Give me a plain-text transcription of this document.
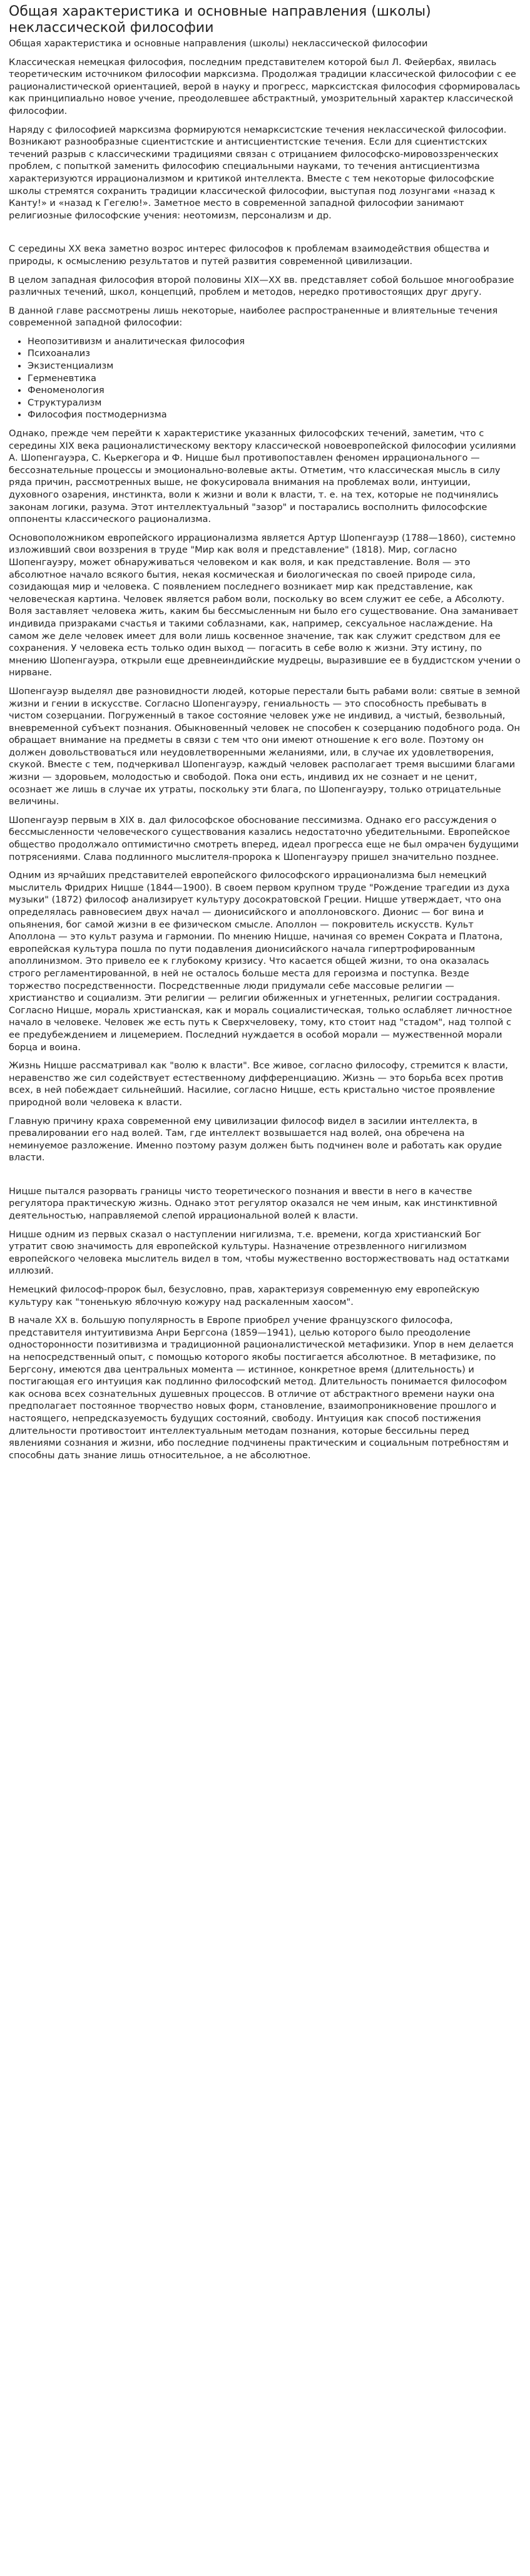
Общая характеристика и основные направления (школы) неклассической философии

Общая характеристика и основные направления (школы) неклассической философии

Классическая немецкая философия, последним представителем которой был Л. Фейербах, явилась теоретическим источником философии марксизма. Продолжая традиции классической философии с ее рационалистической ориентацией, верой в науку и прогресс, марксистская философия сформировалась как принципиально новое учение, преодолевшее абстрактный, умозрительный характер классической философии.

Наряду с философией марксизма формируются немарксистские течения неклассической философии. Возникают разнообразные сциентистские и антисциентистские течения. Если для сциентистских течений разрыв с классическими традициями связан с отрицанием философско-мировоззренческих проблем, с попыткой заменить философию специальными науками, то течения антисциентизма характеризуются иррационализмом и критикой интеллекта. Вместе с тем некоторые философские школы стремятся сохранить традиции классической философии, выступая под лозунгами «назад к Канту!» и «назад к Гегелю!». Заметное место в современной западной философии занимают религиозные философские учения: неотомизм, персонализм и др.

С середины XX века заметно возрос интерес философов к проблемам взаимодействия общества и природы, к осмыслению результатов и путей развития современной цивилизации.

В целом западная философия второй половины XIX—XX вв. представляет собой большое многообразие различных течений, школ, концепций, проблем и методов, нередко противостоящих друг другу.

В данной главе рассмотрены лишь некоторые, наиболее распространенные и влиятельные течения современной западной философии:

• Неопозитивизм и аналитическая философия
• Психоанализ
• Экзистенциализм
• Герменевтика
• Феноменология
• Структурализм
• Философия постмодернизма

Однако, прежде чем перейти к характеристике указанных философских течений, заметим, что с середины XIX века рационалистическому вектору классической новоевропейской философии усилиями А. Шопенгауэра, С. Кьеркегора и Ф. Ницше был противопоставлен феномен иррационального — бессознательные процессы и эмоционально-волевые акты. Отметим, что классическая мысль в силу ряда причин, рассмотренных выше, не фокусировала внимания на проблемах воли, интуиции, духовного озарения, инстинкта, воли к жизни и воли к власти, т. е. на тех, которые не подчинялись законам логики, разума. Этот интеллектуальный "зазор" и постарались восполнить философские оппоненты классического рационализма.

Основоположником европейского иррационализма является Артур Шопенгауэр (1788—1860), системно изложивший свои воззрения в труде "Мир как воля и представление" (1818). Мир, согласно Шопенгауэру, может обнаруживаться человеком и как воля, и как представление. Воля — это абсолютное начало всякого бытия, некая космическая и биологическая по своей природе сила, созидающая мир и человека. С появлением последнего возникает мир как представление, как человеческая картина. Человек является рабом воли, поскольку во всем служит ее себе, а Абсолюту. Воля заставляет человека жить, каким бы бессмысленным ни было его существование. Она заманивает индивида призраками счастья и такими соблазнами, как, например, сексуальное наслаждение. На самом же деле человек имеет для воли лишь косвенное значение, так как служит средством для ее сохранения. У человека есть только один выход — погасить в себе волю к жизни. Эту истину, по мнению Шопенгауэра, открыли еще древнеиндийские мудрецы, выразившие ее в буддистском учении о нирване.

Шопенгауэр выделял две разновидности людей, которые перестали быть рабами воли: святые в земной жизни и гении в искусстве. Согласно Шопенгауэру, гениальность — это способность пребывать в чистом созерцании. Погруженный в такое состояние человек уже не индивид, а чистый, безвольный, вневременной субъект познания. Обыкновенный человек не способен к созерцанию подобного рода. Он обращает внимание на предметы в связи с тем что они имеют отношение к его воле. Поэтому он должен довольствоваться или неудовлетворенными желаниями, или, в случае их удовлетворения, скукой. Вместе с тем, подчеркивал Шопенгауэр, каждый человек располагает тремя высшими благами жизни — здоровьем, молодостью и свободой. Пока они есть, индивид их не сознает и не ценит, осознает же лишь в случае их утраты, поскольку эти блага, по Шопенгауэру, только отрицательные величины.

Шопенгауэр первым в XIX в. дал философское обоснование пессимизма. Однако его рассуждения о бессмысленности человеческого существования казались недостаточно убедительными. Европейское общество продолжало оптимистично смотреть вперед, идеал прогресса еще не был омрачен будущими потрясениями. Слава подлинного мыслителя-пророка к Шопенгауэру пришел значительно позднее.

Одним из ярчайших представителей европейского философского иррационализма был немецкий мыслитель Фридрих Ницше (1844—1900). В своем первом крупном труде "Рождение трагедии из духа музыки" (1872) философ анализирует культуру досократовской Греции. Ницше утверждает, что она определялась равновесием двух начал — дионисийского и аполлоновского. Дионис — бог вина и опьянения, бог самой жизни в ее физическом смысле. Аполлон — покровитель искусств. Культ Аполлона — это культ разума и гармонии. По мнению Ницше, начиная со времен Сократа и Платона, европейская культура пошла по пути подавления дионисийского начала гипертрофированным аполлинизмом. Это привело ее к глубокому кризису. Что касается общей жизни, то она оказалась строго регламентированной, в ней не осталось больше места для героизма и поступка. Везде торжество посредственности. Посредственные люди придумали себе массовые религии — христианство и социализм. Эти религии — религии обиженных и угнетенных, религии сострадания. Согласно Ницше, мораль христианская, как и мораль социалистическая, только ослабляет личностное начало в человеке. Человек же есть путь к Сверхчеловеку, тому, кто стоит над "стадом", над толпой с ее предубеждением и лицемерием. Последний нуждается в особой морали — мужественной морали борца и воина.

Жизнь Ницше рассматривал как "волю к власти". Все живое, согласно философу, стремится к власти, неравенство же сил содействует естественному дифференциацию. Жизнь — это борьба всех против всех, в ней побеждает сильнейший. Насилие, согласно Ницше, есть кристально чистое проявление природной воли человека к власти.

Главную причину краха современной ему цивилизации философ видел в засилии интеллекта, в превалировании его над волей. Там, где интеллект возвышается над волей, она обречена на неминуемое разложение. Именно поэтому разум должен быть подчинен воле и работать как орудие власти.

Ницше пытался разорвать границы чисто теоретического познания и ввести в него в качестве регулятора практическую жизнь. Однако этот регулятор оказался не чем иным, как инстинктивной деятельностью, направляемой слепой иррациональной волей к власти.

Ницше одним из первых сказал о наступлении нигилизма, т.е. времени, когда христианский Бог утратит свою значимость для европейской культуры. Назначение отрезвленного нигилизмом европейского человека мыслитель видел в том, чтобы мужественно восторжествовать над остатками иллюзий.

Немецкий философ-пророк был, безусловно, прав, характеризуя современную ему европейскую культуру как "тоненькую яблочную кожуру над раскаленным хаосом".

В начале XX в. большую популярность в Европе приобрел учение французского философа, представителя интуитивизма Анри Бергсона (1859—1941), целью которого было преодоление односторонности позитивизма и традиционной рационалистической метафизики. Упор в нем делается на непосредственный опыт, с помощью которого якобы постигается абсолютное. В метафизике, по Бергсону, имеются два центральных момента — истинное, конкретное время (длительность) и постигающая его интуиция как подлинно философский метод. Длительность понимается философом как основа всех сознательных душевных процессов. В отличие от абстрактного времени науки она предполагает постоянное творчество новых форм, становление, взаимопроникновение прошлого и настоящего, непредсказуемость будущих состояний, свободу. Интуиция как способ постижения длительности противостоит интеллектуальным методам познания, которые бессильны перед явлениями сознания и жизни, ибо последние подчинены практическим и социальным потребностям и способны дать знание лишь относительное, а не абсолютное.
